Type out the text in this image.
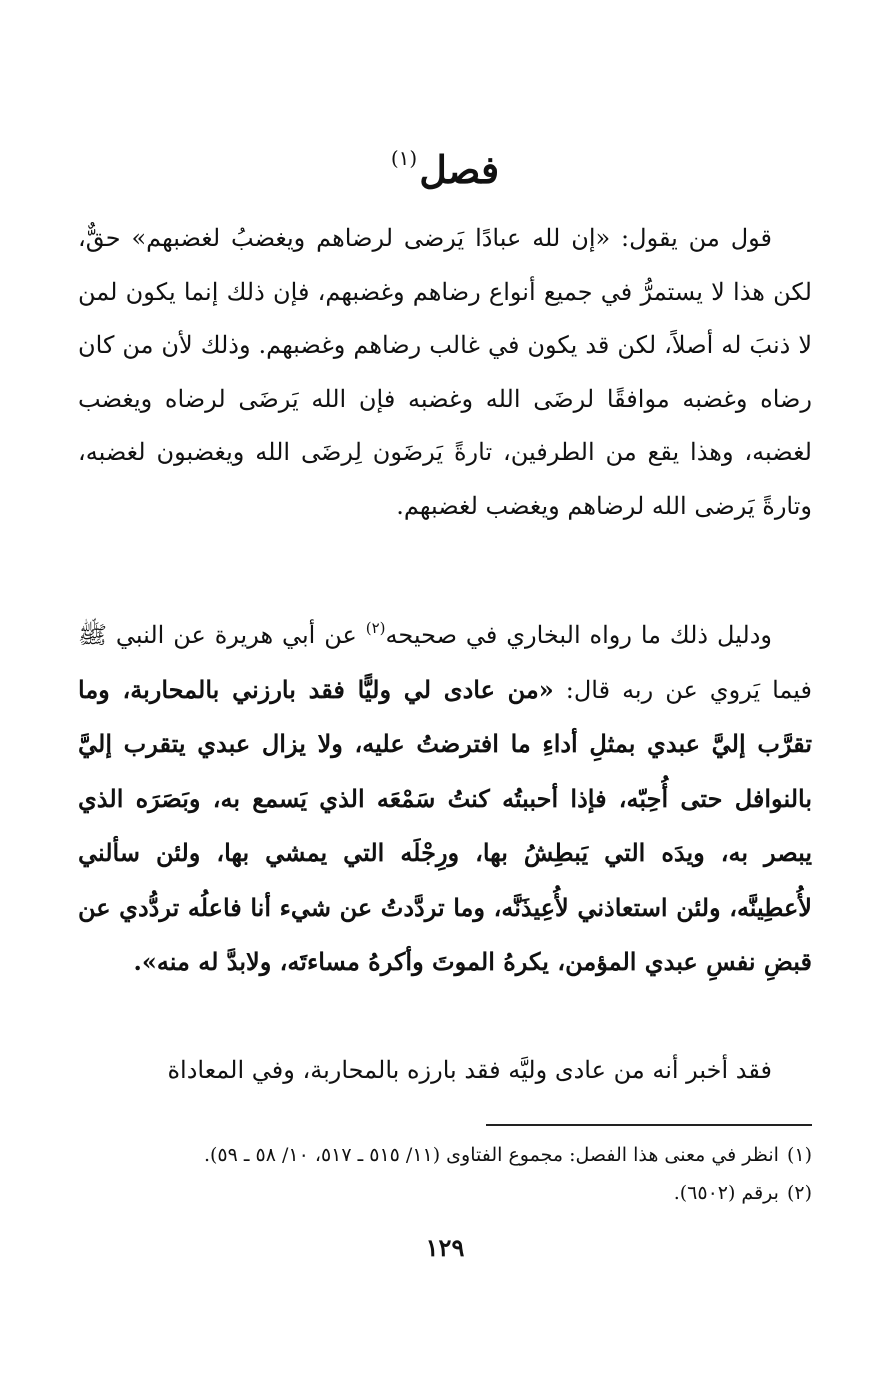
فصل$^{(١)}$

قول من يقول: «إن لله عبادًا يَرضى لرضاهم ويغضبُ لغضبهم» حقٌّ، لكن هذا لا يستمرُّ في جميع أنواع رضاهم وغضبهم، فإن ذلك إنما يكون لمن لا ذنبَ له أصلاً، لكن قد يكون في غالب رضاهم وغضبهم. وذلك لأن من كان رضاه وغضبه موافقًا لرضَى الله وغضبه فإن الله يَرضَى لرضاه ويغضب لغضبه، وهذا يقع من الطرفين، تارةً يَرضَون لِرضَى الله ويغضبون لغضبه، وتارةً يَرضى الله لرضاهم ويغضب لغضبهم.

ودليل ذلك ما رواه البخاري في صحيحه$^{(٢)}$ عن أبي هريرة عن النبي ﷺ فيما يَروي عن ربه قال: «من عادى لي وليًّا فقد بارزني بالمحاربة، وما تقرَّب إليَّ عبدي بمثلِ أداءِ ما افترضتُ عليه، ولا يزال عبدي يتقرب إليَّ بالنوافل حتى أُحِبّه، فإذا أحببتُه كنتُ سَمْعَه الذي يَسمع به، وبَصَرَه الذي يبصر به، ويدَه التي يَبطِشُ بها، ورِجْلَه التي يمشي بها، ولئن سألني لأُعطِينَّه، ولئن استعاذني لأُعِيذَنَّه، وما تردَّدتُ عن شيء أنا فاعلُه تردُّدي عن قبضِ نفسِ عبدي المؤمن، يكرهُ الموتَ وأكرهُ مساءتَه، ولابدَّ له منه».

فقد أخبر أنه من عادى وليَّه فقد بارزه بالمحاربة، وفي المعاداة

(١)انظر في معنى هذا الفصل: مجموع الفتاوى (١١/ ٥١٥ ـ ٥١٧، ١٠/ ٥٨ ـ ٥٩).
(٢)برقم (٦٥٠٢).
١٢٩
